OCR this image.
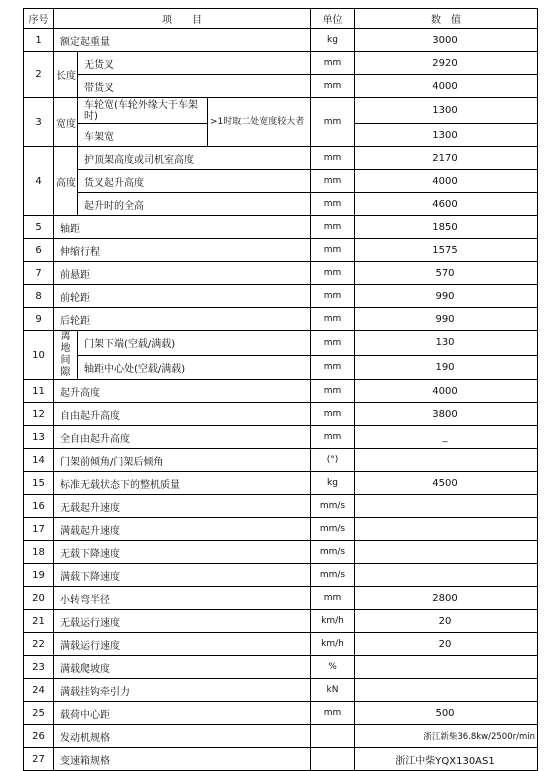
序号	项　　目			单位	数　值
1	额定起重量			kg	3000
2	长度	无货叉		mm	2920
		带货叉		mm	4000
3	宽度	车轮宽(车轮外缘大于车架时)	>1时取二处宽度较大者	mm	1300
		车架宽			1300
4	高度	护顶架高度或司机室高度		mm	2170
		货叉起升高度		mm	4000
		起升时的全高		mm	4600
5	轴距			mm	1850
6	伸缩行程			mm	1575
7	前悬距			mm	570
8	前轮距			mm	990
9	后轮距			mm	990
10	离地间隙	门架下端(空载/满载)		mm	130
		轴距中心处(空载/满载)		mm	190
11	起升高度			mm	4000
12	自由起升高度			mm	3800
13	全自由起升高度			mm	_
14	门架前倾角/门架后倾角			(°)	
15	标准无载状态下的整机质量			kg	4500
16	无载起升速度			mm/s	
17	满载起升速度			mm/s	
18	无载下降速度			mm/s	
19	满载下降速度			mm/s	
20	小转弯半径			mm	2800
21	无载运行速度			km/h	20
22	满载运行速度			km/h	20
23	满载爬坡度			%	
24	满载挂钩牵引力			kN	
25	载荷中心距			mm	500
26	发动机规格				浙江新柴36.8kw/2500r/min
27	变速箱规格				浙江中柴YQX130AS1
